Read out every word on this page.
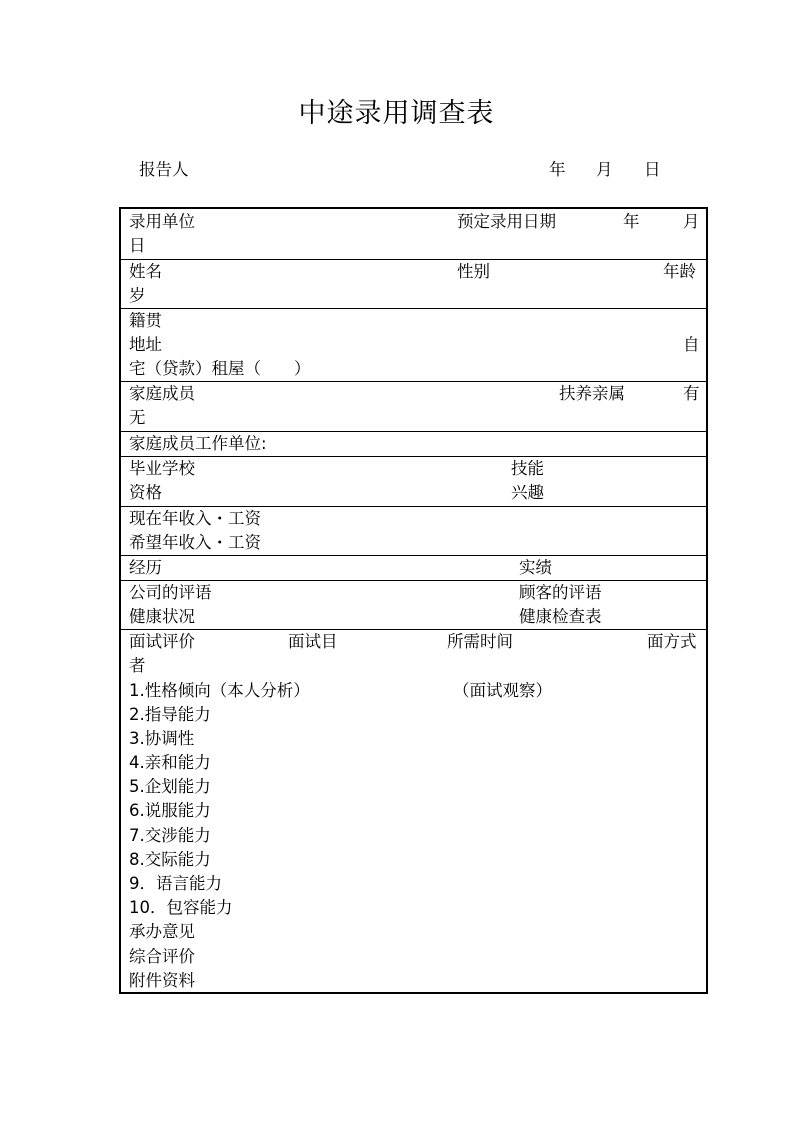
中途录用调查表
报告人	年 月 日
录用单位	预定录用日期	年	月
日
姓名	性别	年龄
岁
籍贯
地址	自
宅（贷款）租屋（　　）
家庭成员	扶养亲属	有
无
家庭成员工作单位:
毕业学校	技能
资格	兴趣
现在年收入・工资
希望年收入・工资
经历	实绩
公司的评语	顾客的评语
健康状况	健康检查表
面试评价	面试目	所需时间	面方式
者
1.性格倾向（本人分析）	（面试观察）
2.指导能力
3.协调性
4.亲和能力
5.企划能力
6.说服能力
7.交涉能力
8.交际能力
9．语言能力
10．包容能力
承办意见
综合评价
附件资料
